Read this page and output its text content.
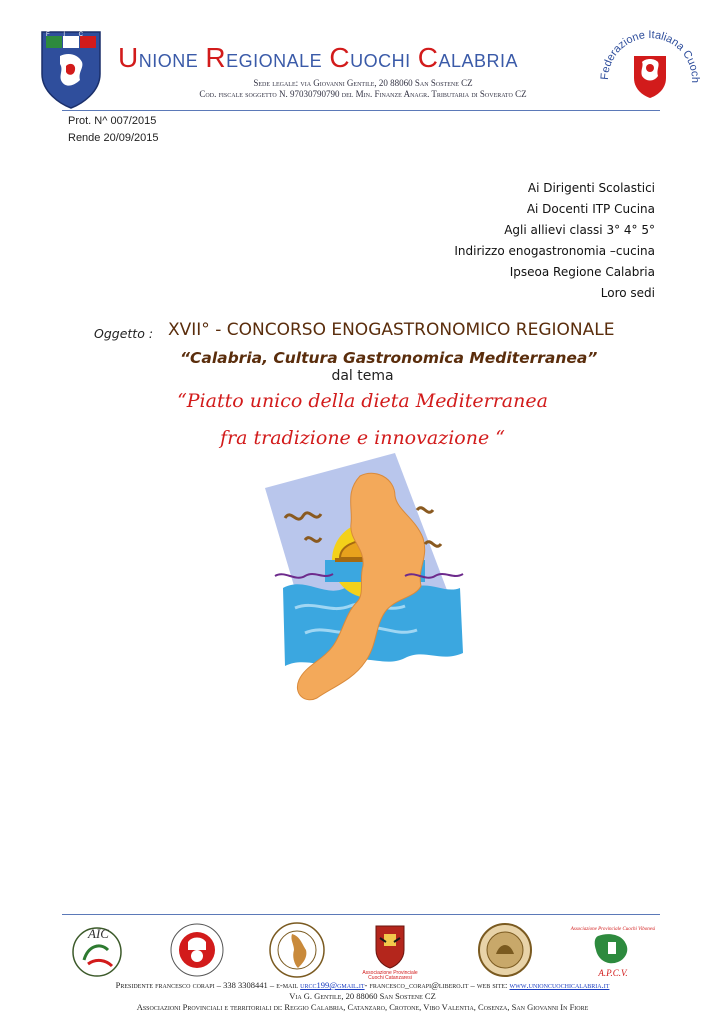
F I C
UNIONE REGIONALE CUOCHI CALABRIA
Sede legale: via Giovanni Gentile, 20 88060 San Sostene CZ
Cod. fiscale soggetto N. 97030790790 del Min. Finanze Anagr. Tributaria di Soverato CZ
Federazione Italiana Cuoch
Prot. N^ 007/2015
Rende 20/09/2015
Ai Dirigenti Scolastici
Ai Docenti ITP Cucina
Agli allievi classi 3° 4° 5°
Indirizzo enogastronomia –cucina
Ipseoa Regione Calabria
Loro sedi
Oggetto : XVII° - CONCORSO ENOGASTRONOMICO REGIONALE
“Calabria, Cultura Gastronomica Mediterranea”
dal tema
“Piatto unico della dieta Mediterranea
fra tradizione e innovazione “
AIC
Associazione Provinciale
Cuochi Catanzaresi
Associazione Provinciale Cuochi Vibonesi
A.P.C.V.
Presidente francesco corapi – 338 3308441 – e-mail urcc199@gmail.it- francesco_corapi@libero.it – web site: www.unioncuochicalabria.it
Via G. Gentile, 20 88060 San Sostene CZ
Associazioni Provinciali e territoriali di: Reggio Calabria, Catanzaro, Crotone, Vibo Valentia, Cosenza, San Giovanni In Fiore
